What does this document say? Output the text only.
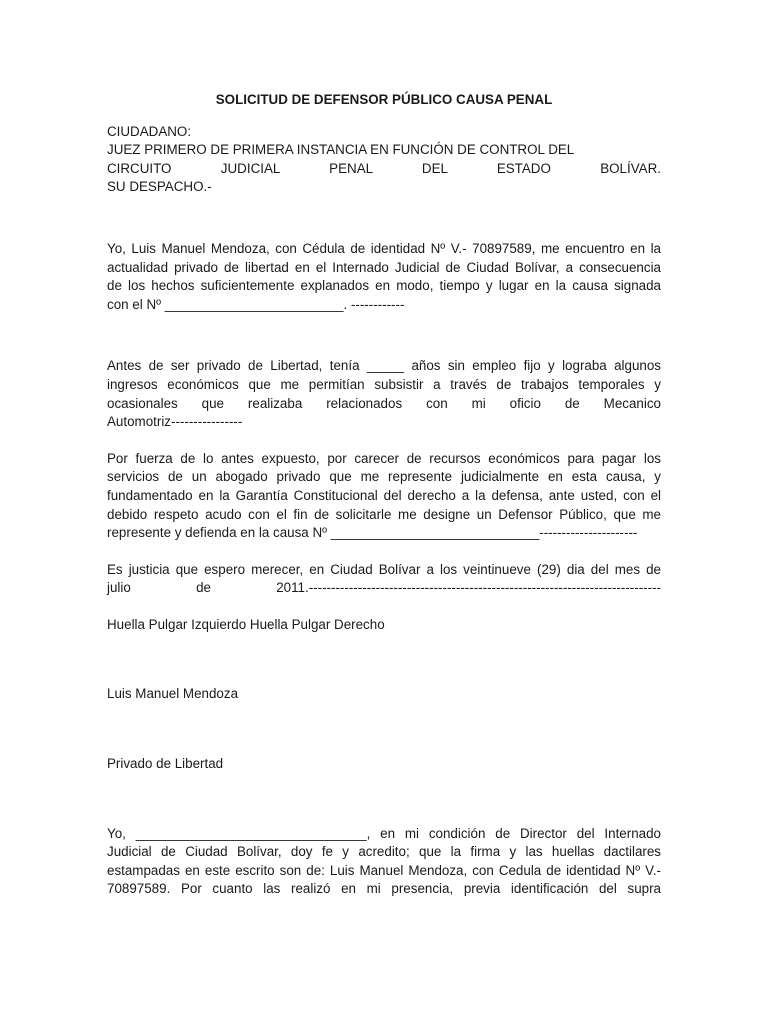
SOLICITUD DE DEFENSOR PÚBLICO CAUSA PENAL

CIUDADANO:
JUEZ PRIMERO DE PRIMERA INSTANCIA EN FUNCIÓN DE CONTROL DEL
CIRCUITO JUDICIAL PENAL DEL ESTADO BOLÍVAR.
SU DESPACHO.-
Yo, Luis Manuel Mendoza, con Cédula de identidad Nº V.- 70897589, me encuentro en la
actualidad privado de libertad en el Internado Judicial de Ciudad Bolívar, a consecuencia
de los hechos suficientemente explanados en modo, tiempo y lugar en la causa signada
con el Nº ________________________. ------------
Antes de ser privado de Libertad, tenía _____ años sin empleo fijo y lograba algunos
ingresos económicos que me permitían subsistir a través de trabajos temporales y
ocasionales que realizaba relacionados con mi oficio de Mecanico
Automotriz----------------
Por fuerza de lo antes expuesto, por carecer de recursos económicos para pagar los
servicios de un abogado privado que me represente judicialmente en esta causa, y
fundamentado en la Garantía Constitucional del derecho a la defensa, ante usted, con el
debido respeto acudo con el fin de solicitarle me designe un Defensor Público, que me
represente y defienda en la causa Nº ____________________________----------------------
Es justicia que espero merecer, en Ciudad Bolívar a los veintinueve (29) dia del mes de
julio de 2011.-------------------------------------------------------------------------------

Huella Pulgar Izquierdo Huella Pulgar Derecho

Luis Manuel Mendoza

Privado de Libertad

Yo, _______________________________, en mi condición de Director del Internado
Judicial de Ciudad Bolívar, doy fe y acredito; que la firma y las huellas dactilares
estampadas en este escrito son de: Luis Manuel Mendoza, con Cedula de identidad Nº V.-
70897589. Por cuanto las realizó en mi presencia, previa identificación del supra
